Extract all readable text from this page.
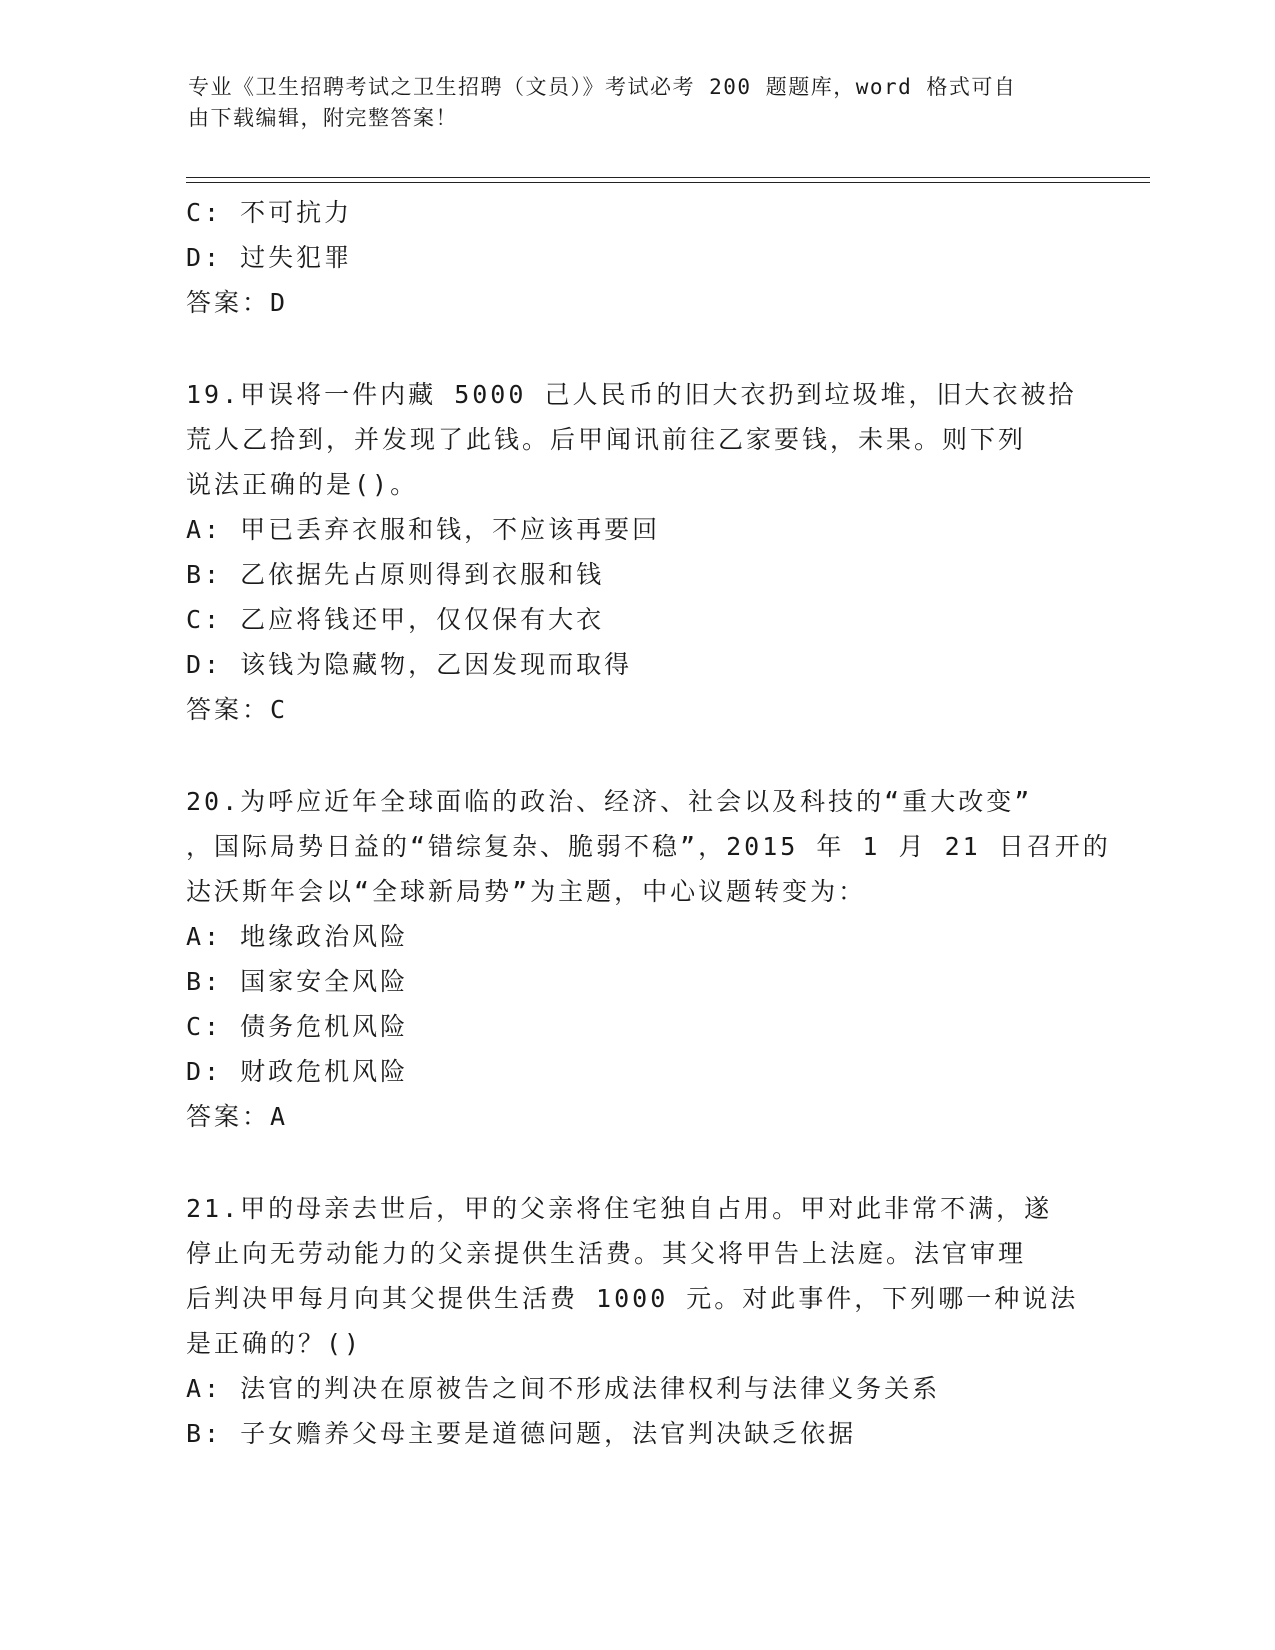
专业《卫生招聘考试之卫生招聘（文员）》考试必考 200 题题库，word 格式可自
由下载编辑，附完整答案！
C: 不可抗力
D: 过失犯罪
答案：D
19.甲误将一件内藏 5000 己人民币的旧大衣扔到垃圾堆，旧大衣被拾
荒人乙拾到，并发现了此钱。后甲闻讯前往乙家要钱，未果。则下列
说法正确的是()。
A: 甲已丢弃衣服和钱，不应该再要回
B: 乙依据先占原则得到衣服和钱
C: 乙应将钱还甲，仅仅保有大衣
D: 该钱为隐藏物，乙因发现而取得
答案：C
20.为呼应近年全球面临的政治、经济、社会以及科技的“重大改变”
，国际局势日益的“错综复杂、脆弱不稳”，2015 年 1 月 21 日召开的
达沃斯年会以“全球新局势”为主题，中心议题转变为：
A: 地缘政治风险
B: 国家安全风险
C: 债务危机风险
D: 财政危机风险
答案：A
21.甲的母亲去世后，甲的父亲将住宅独自占用。甲对此非常不满，遂
停止向无劳动能力的父亲提供生活费。其父将甲告上法庭。法官审理
后判决甲每月向其父提供生活费 1000 元。对此事件，下列哪一种说法
是正确的？()
A: 法官的判决在原被告之间不形成法律权利与法律义务关系
B: 子女赡养父母主要是道德问题，法官判决缺乏依据
